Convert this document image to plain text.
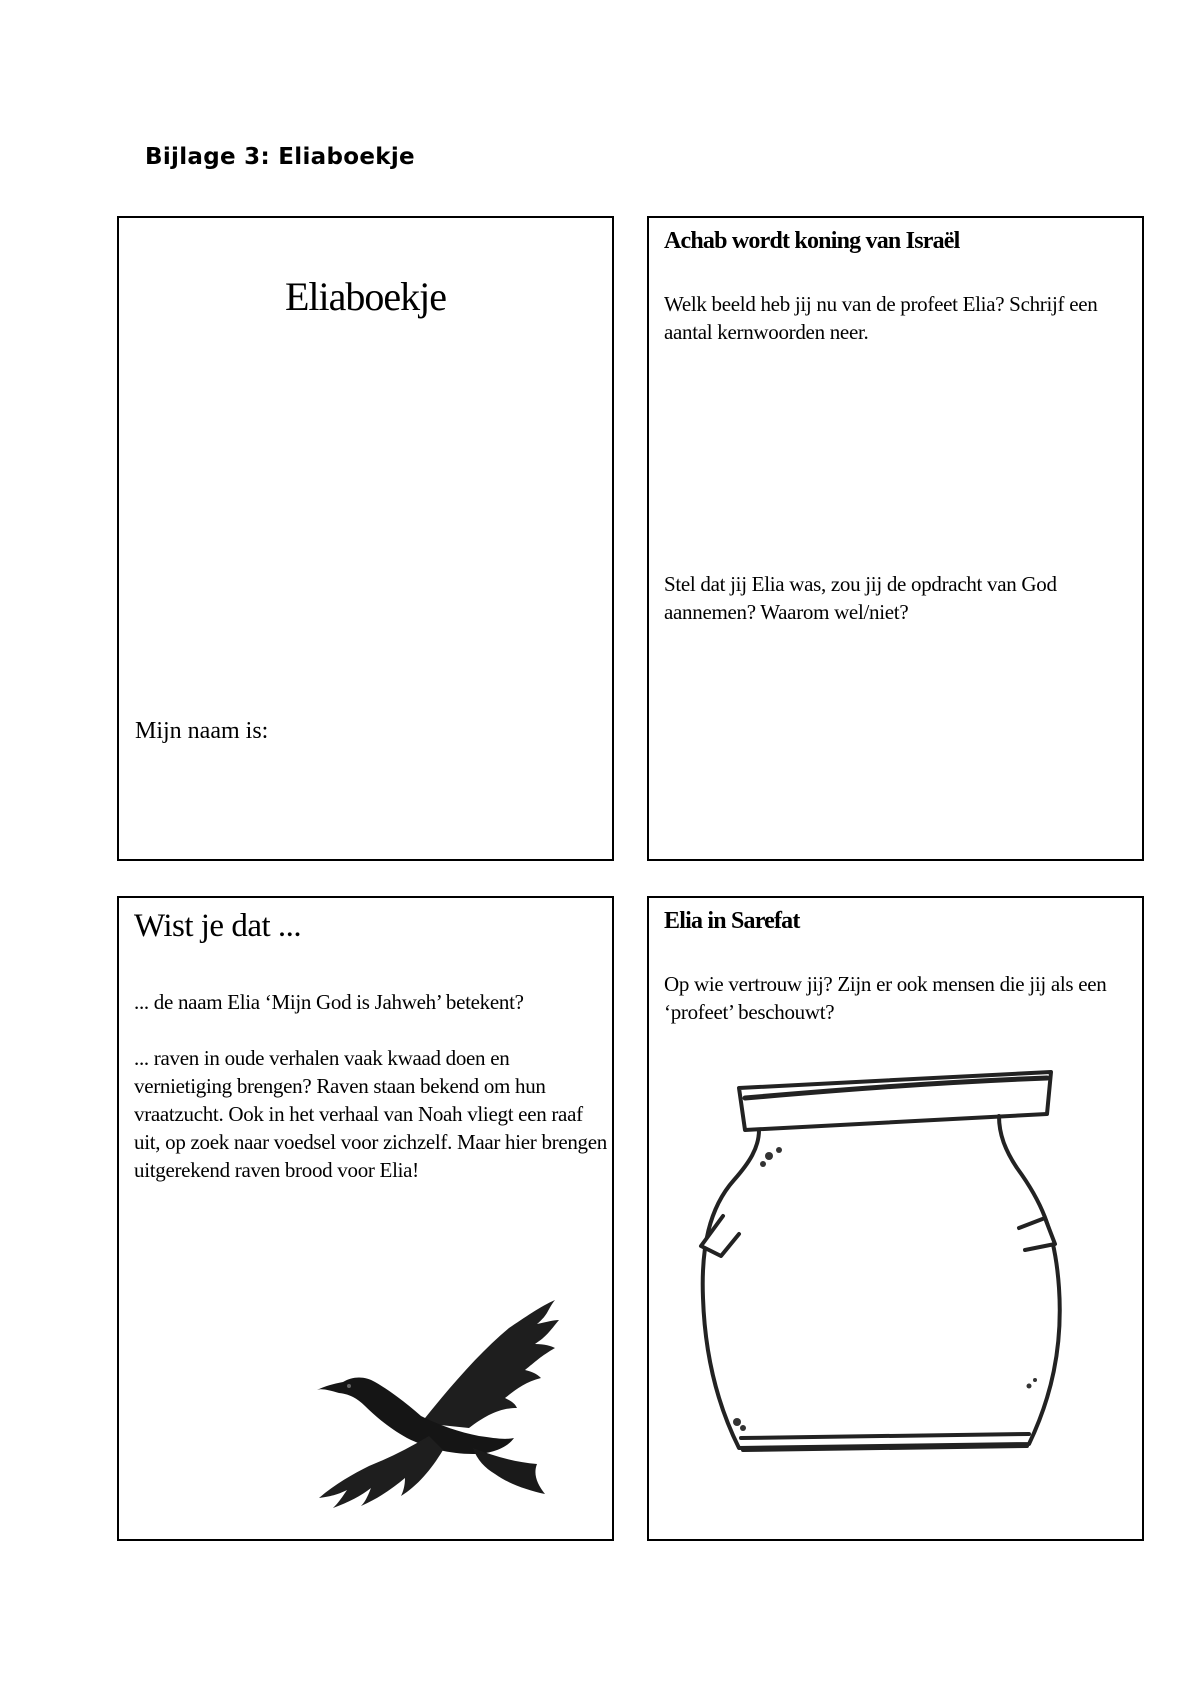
Bijlage 3: Eliaboekje
Eliaboekje
Mijn naam is:
Achab wordt koning van Israël
Welk beeld heb jij nu van de profeet Elia? Schrijf een aantal kernwoorden neer.
Stel dat jij Elia was, zou jij de opdracht van God aannemen? Waarom wel/niet?
Wist je dat ...
... de naam Elia ‘Mijn God is Jahweh’ betekent?
... raven in oude verhalen vaak kwaad doen en vernietiging brengen? Raven staan bekend om hun vraatzucht. Ook in het verhaal van Noah vliegt een raaf uit, op zoek naar voedsel voor zichzelf. Maar hier brengen uitgerekend raven brood voor Elia!
Elia in Sarefat
Op wie vertrouw jij? Zijn er ook mensen die jij als een ‘profeet’ beschouwt?
